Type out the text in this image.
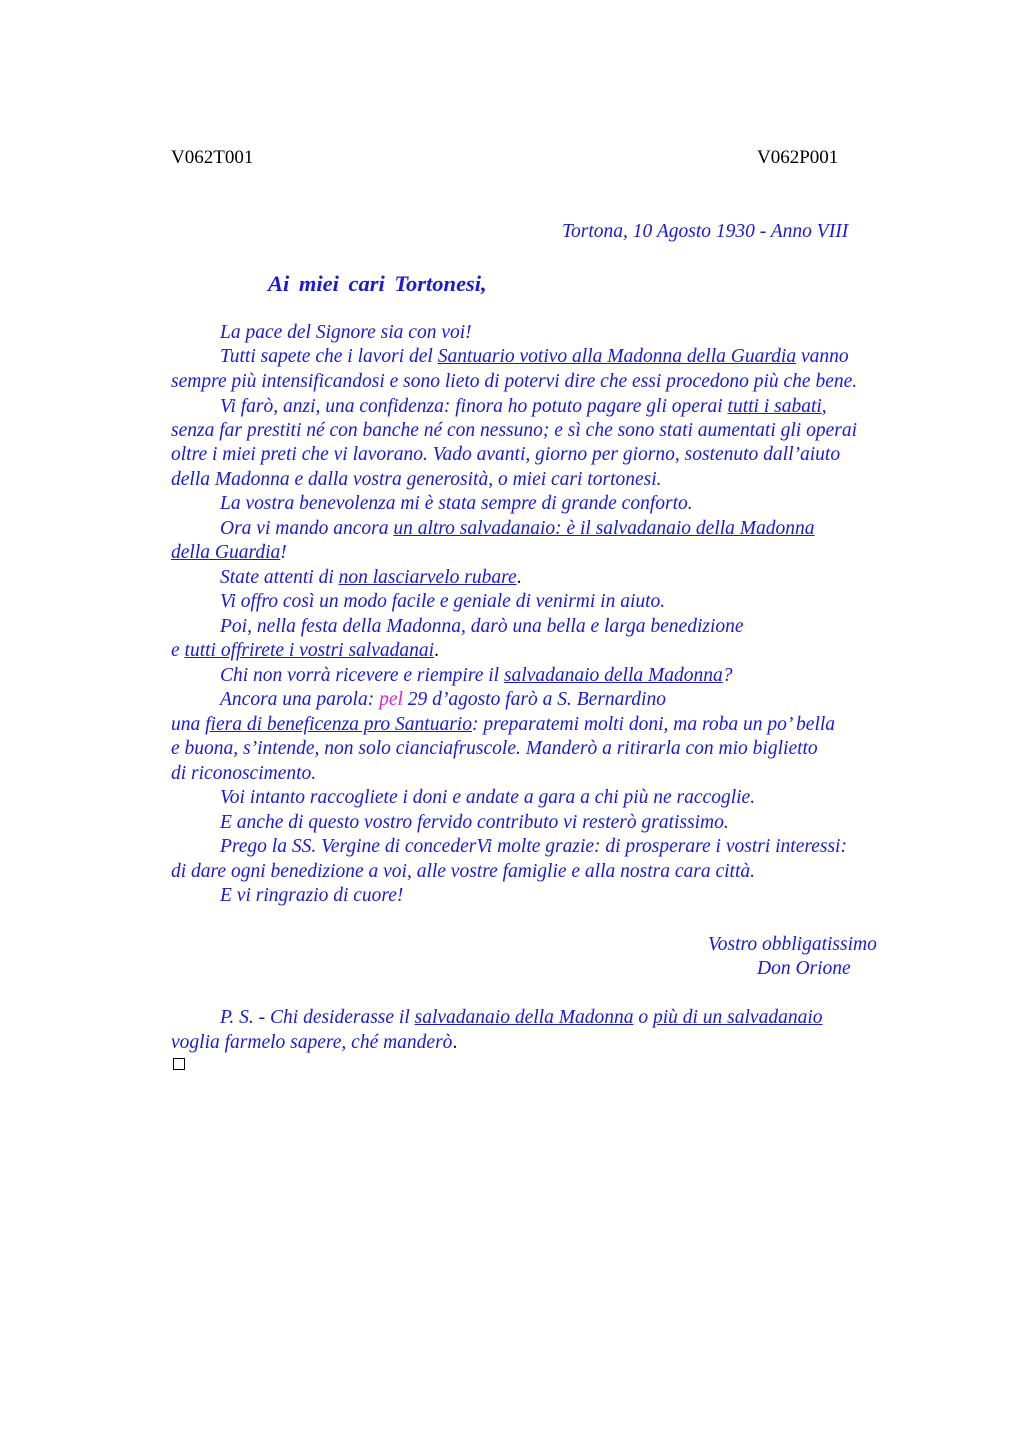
V062T001	V062P001
Tortona, 10 Agosto 1930 - Anno VIII
Ai miei cari Tortonesi,
La pace del Signore sia con voi!
Tutti sapete che i lavori del Santuario votivo alla Madonna della Guardia vanno
sempre più intensificandosi e sono lieto di potervi dire che essi procedono più che bene.
Vi farò, anzi, una confidenza: finora ho potuto pagare gli operai tutti i sabati,
senza far prestiti né con banche né con nessuno; e sì che sono stati aumentati gli operai
oltre i miei preti che vi lavorano. Vado avanti, giorno per giorno, sostenuto dall’aiuto
della Madonna e dalla vostra generosità, o miei cari tortonesi.
La vostra benevolenza mi è stata sempre di grande conforto.
Ora vi mando ancora un altro salvadanaio: è il salvadanaio della Madonna
della Guardia!
State attenti di non lasciarvelo rubare.
Vi offro così un modo facile e geniale di venirmi in aiuto.
Poi, nella festa della Madonna, darò una bella e larga benedizione
e tutti offrirete i vostri salvadanai.
Chi non vorrà ricevere e riempire il salvadanaio della Madonna?
Ancora una parola: pel 29 d’agosto farò a S. Bernardino
una fiera di beneficenza pro Santuario: preparatemi molti doni, ma roba un po’ bella
e buona, s’intende, non solo cianciafruscole. Manderò a ritirarla con mio biglietto
di riconoscimento.
Voi intanto raccogliete i doni e andate a gara a chi più ne raccoglie.
E anche di questo vostro fervido contributo vi resterò gratissimo.
Prego la SS. Vergine di concederVi molte grazie: di prosperare i vostri interessi:
di dare ogni benedizione a voi, alle vostre famiglie e alla nostra cara città.
E vi ringrazio di cuore!
Vostro obbligatissimo
Don Orione
P. S. - Chi desiderasse il salvadanaio della Madonna o più di un salvadanaio
voglia farmelo sapere, ché manderò.
